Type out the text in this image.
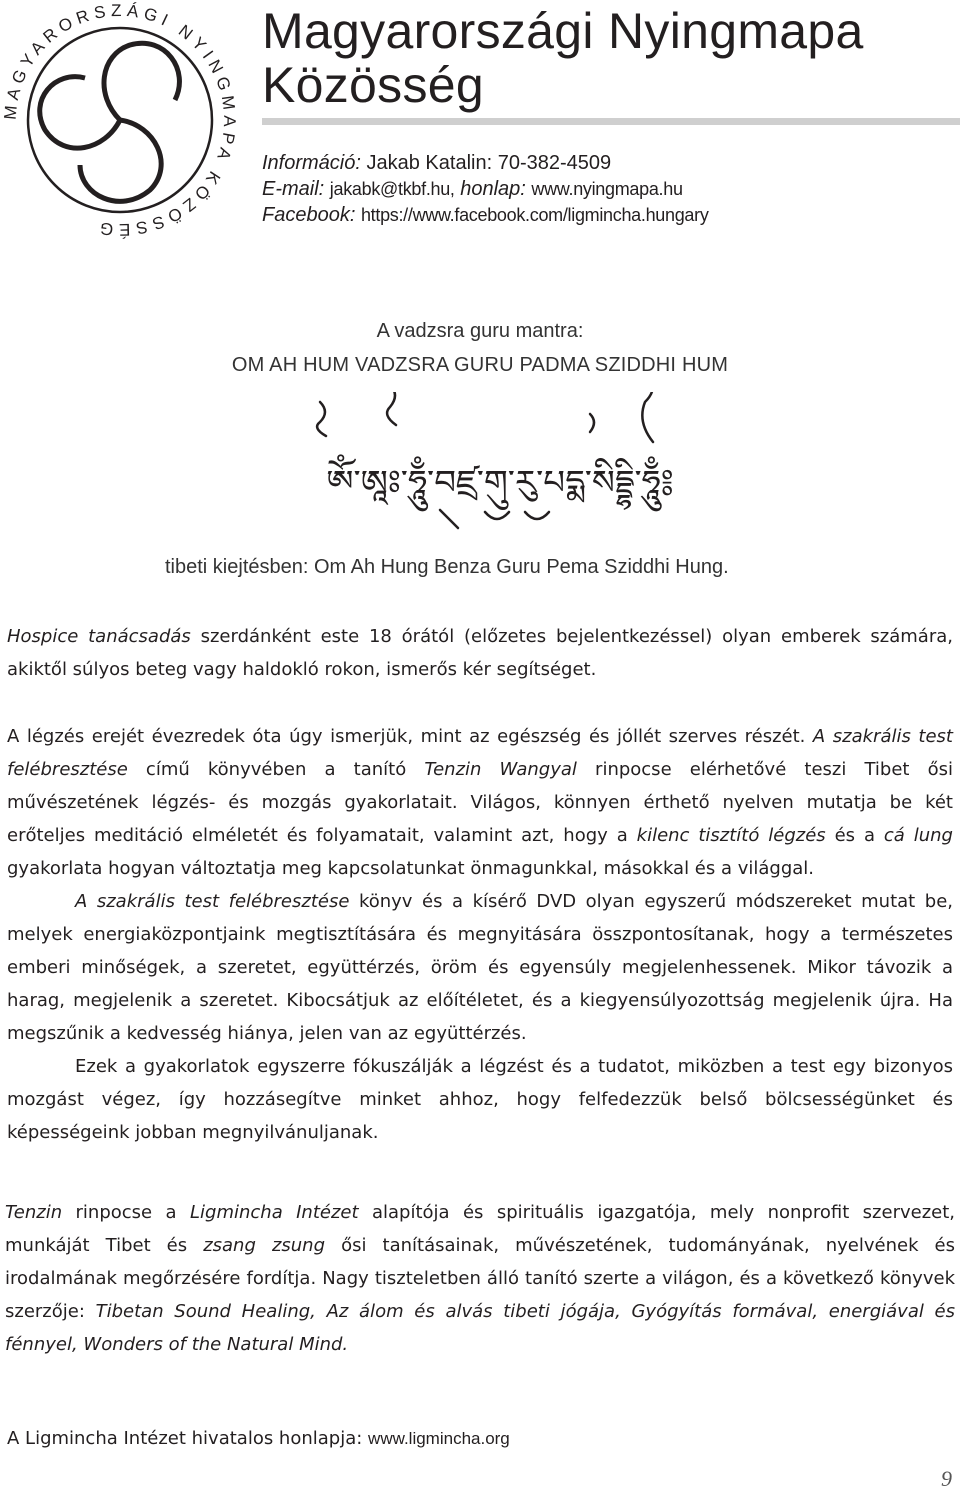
MAGYARORSZÁGI NYINGMAPA KÖZÖSSÉG
Magyarországi Nyingmapa
Közösség
Információ: Jakab Katalin: 70-382-4509
E-mail: jakabk@tkbf.hu, honlap: www.nyingmapa.hu
Facebook: https://www.facebook.com/ligmincha.hungary
A vadzsra guru mantra:
OM AH HUM VADZSRA GURU PADMA SZIDDHI HUM
ཨོཾ་ཨཱཿ་ཧཱུྃ་བཛྲ་གུ་རུ་པདྨ་སིདྡྷི་ཧཱུྃ༔
tibeti kiejtésben: Om Ah Hung Benza Guru Pema Sziddhi Hung.
Hospice tanácsadás szerdánként este 18 órától (előzetes bejelentkezéssel) olyan emberek számára, akiktől súlyos beteg vagy haldokló rokon, ismerős kér segítséget.
A légzés erejét évezredek óta úgy ismerjük, mint az egészség és jóllét szerves részét. A szakrális test felébresztése című könyvében a tanító Tenzin Wangyal rinpocse elérhetővé teszi Tibet ősi művészetének légzés- és mozgás gyakorlatait. Világos, könnyen érthető nyelven mutatja be két erőteljes meditáció elméletét és folyamatait, valamint azt, hogy a kilenc tisztító légzés és a cá lung gyakorlata hogyan változtatja meg kapcsolatunkat önmagunkkal, másokkal és a világgal.
A szakrális test felébresztése könyv és a kísérő DVD olyan egyszerű módszereket mutat be, melyek energiaközpontjaink megtisztítására és megnyitására összpontosítanak, hogy a természetes emberi minőségek, a szeretet, együttérzés, öröm és egyensúly megjelenhessenek. Mikor távozik a harag, megjelenik a szeretet. Kibocsátjuk az előítéletet, és a kiegyensúlyozottság megjelenik újra. Ha megszűnik a kedvesség hiánya, jelen van az együttérzés.
Ezek a gyakorlatok egyszerre fókuszálják a légzést és a tudatot, miközben a test egy bizonyos mozgást végez, így hozzásegítve minket ahhoz, hogy felfedezzük belső bölcsességünket és képességeink jobban megnyilvánuljanak.
Tenzin rinpocse a Ligmincha Intézet alapítója és spirituális igazgatója, mely nonprofit szervezet, munkáját Tibet és zsang zsung ősi tanításainak, művészetének, tudományának, nyelvének és irodalmának megőrzésére fordítja. Nagy tiszteletben álló tanító szerte a világon, és a következő könyvek szerzője: Tibetan Sound Healing, Az álom és alvás tibeti jógája, Gyógyítás formával, energiával és fénnyel, Wonders of the Natural Mind.
A Ligmincha Intézet hivatalos honlapja: www.ligmincha.org
9
